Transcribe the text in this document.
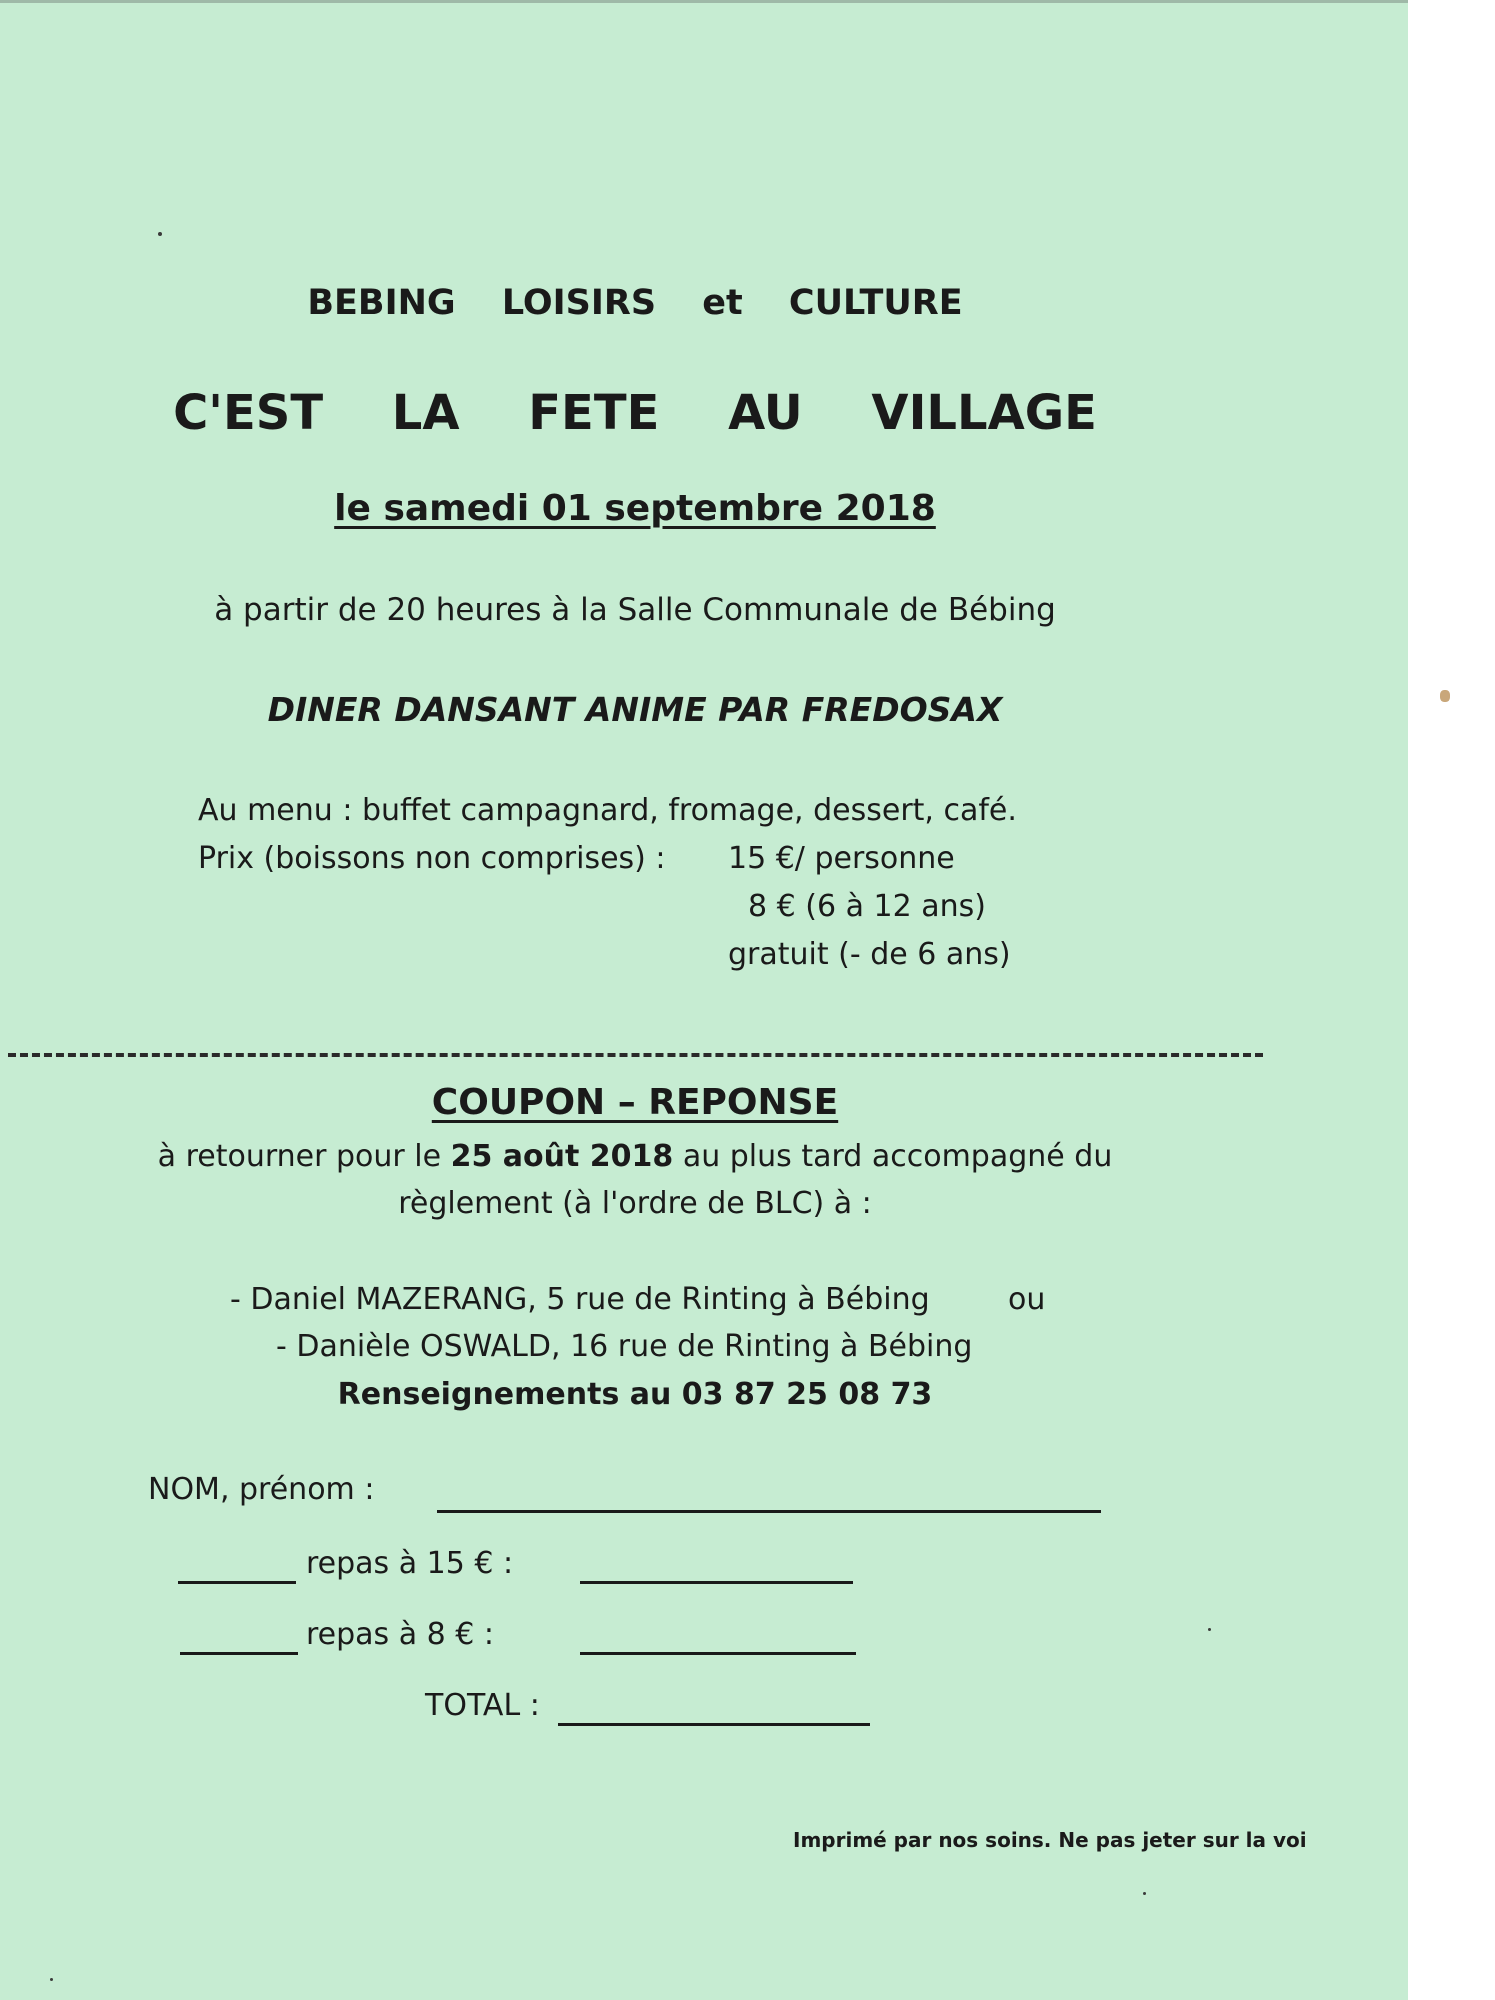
BEBING LOISIRS et CULTURE
C'EST LA FETE AU VILLAGE
le samedi 01 septembre 2018
à partir de 20 heures à la Salle Communale de Bébing
DINER DANSANT ANIME PAR FREDOSAX
Au menu : buffet campagnard, fromage, dessert, café.
Prix (boissons non comprises) : 15 €/ personne
8 € (6 à 12 ans)
gratuit (- de 6 ans)
COUPON – REPONSE
à retourner pour le 25 août 2018 au plus tard accompagné du
règlement (à l'ordre de BLC) à :
- Daniel MAZERANG, 5 rue de Rinting à Bébing	ou
- Danièle OSWALD, 16 rue de Rinting à Bébing
Renseignements au 03 87 25 08 73
NOM, prénom :
repas à 15 € :
repas à 8 € :
TOTAL :
Imprimé par nos soins. Ne pas jeter sur la voi
